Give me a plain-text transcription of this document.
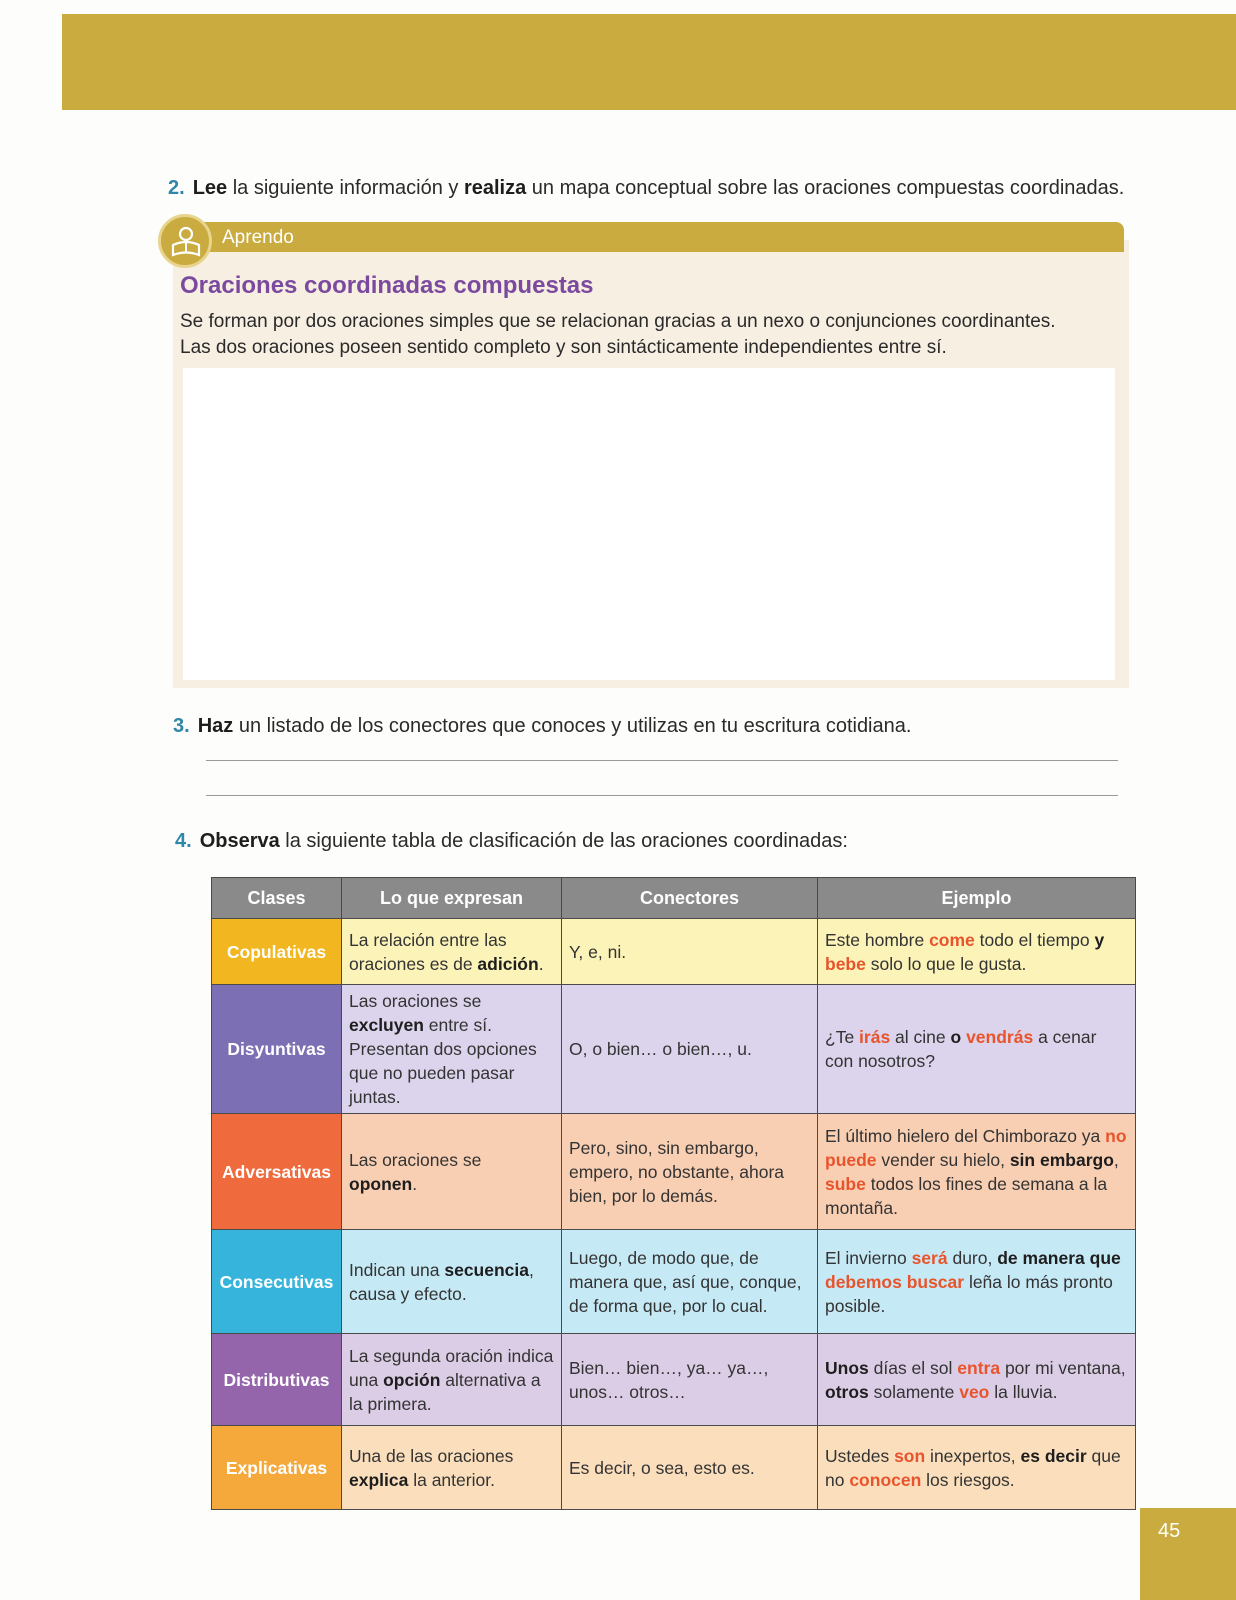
2. Lee la siguiente información y realiza un mapa conceptual sobre las oraciones compuestas coordinadas.
Aprendo
Oraciones coordinadas compuestas
Se forman por dos oraciones simples que se relacionan gracias a un nexo o conjunciones coordinantes.
Las dos oraciones poseen sentido completo y son sintácticamente independientes entre sí.
3. Haz un listado de los conectores que conoces y utilizas en tu escritura cotidiana.
4. Observa la siguiente tabla de clasificación de las oraciones coordinadas:
Clases	Lo que expresan	Conectores	Ejemplo
Copulativas	La relación entre las oraciones es de adición.	Y, e, ni.	Este hombre come todo el tiempo y bebe solo lo que le gusta.
Disyuntivas	Las oraciones se excluyen entre sí. Presentan dos opciones que no pueden pasar juntas.	O, o bien… o bien…, u.	¿Te irás al cine o vendrás a cenar con nosotros?
Adversativas	Las oraciones se oponen.	Pero, sino, sin embargo, empero, no obstante, ahora bien, por lo demás.	El último hielero del Chimborazo ya no puede vender su hielo, sin embargo, sube todos los fines de semana a la montaña.
Consecutivas	Indican una secuencia, causa y efecto.	Luego, de modo que, de manera que, así que, conque, de forma que, por lo cual.	El invierno será duro, de manera que debemos buscar leña lo más pronto posible.
Distributivas	La segunda oración indica una opción alternativa a la primera.	Bien… bien…, ya… ya…, unos… otros…	Unos días el sol entra por mi ventana, otros solamente veo la lluvia.
Explicativas	Una de las oraciones explica la anterior.	Es decir, o sea, esto es.	Ustedes son inexpertos, es decir que no conocen los riesgos.
45
